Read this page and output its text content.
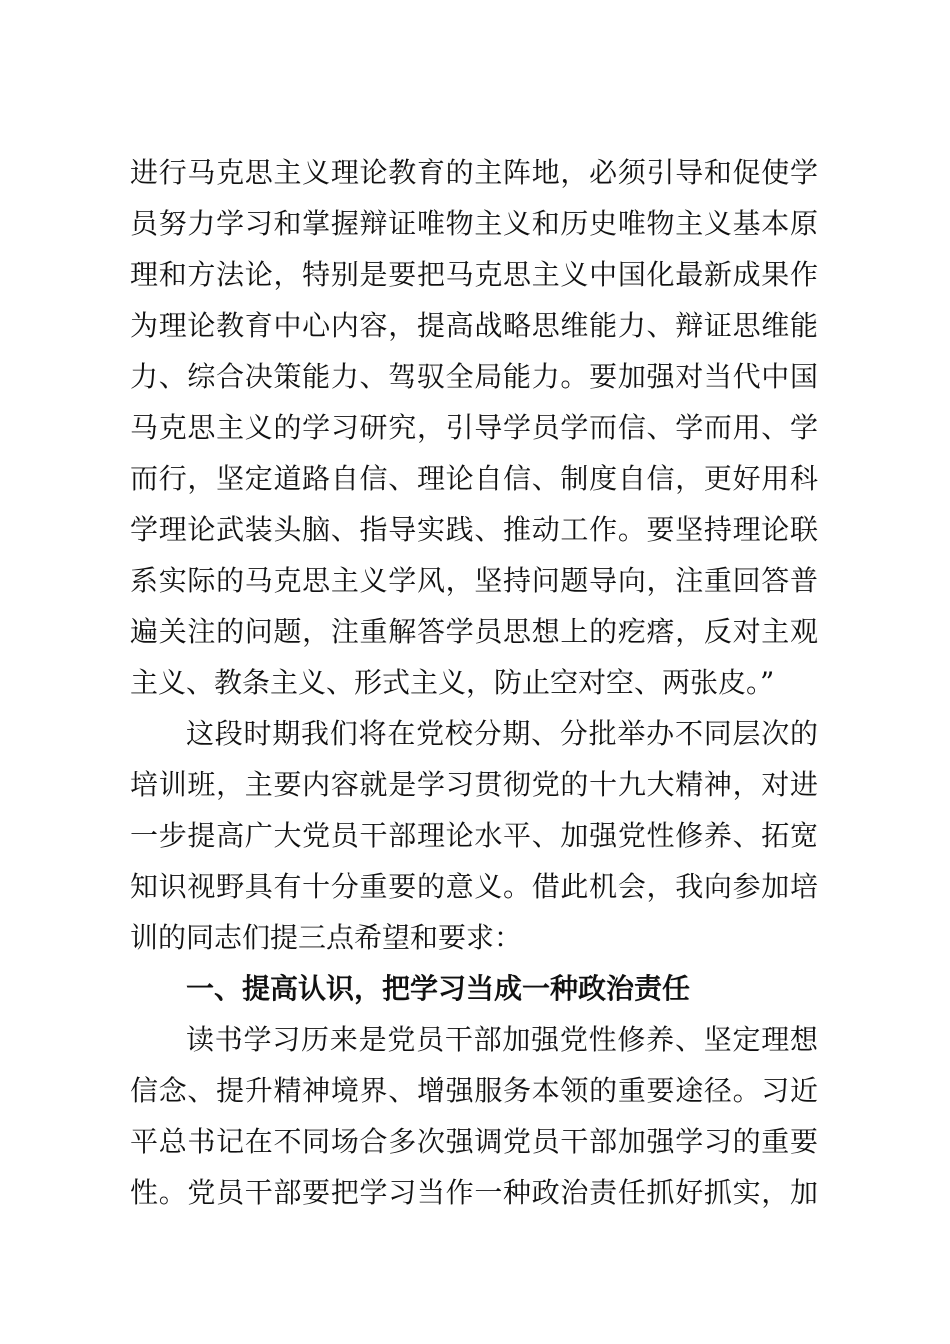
进行马克思主义理论教育的主阵地，必须引导和促使学
员努力学习和掌握辩证唯物主义和历史唯物主义基本原
理和方法论，特别是要把马克思主义中国化最新成果作
为理论教育中心内容，提高战略思维能力、辩证思维能
力、综合决策能力、驾驭全局能力。要加强对当代中国
马克思主义的学习研究，引导学员学而信、学而用、学
而行，坚定道路自信、理论自信、制度自信，更好用科
学理论武装头脑、指导实践、推动工作。要坚持理论联
系实际的马克思主义学风，坚持问题导向，注重回答普
遍关注的问题，注重解答学员思想上的疙瘩，反对主观
主义、教条主义、形式主义，防止空对空、两张皮。”
这段时期我们将在党校分期、分批举办不同层次的
培训班，主要内容就是学习贯彻党的十九大精神，对进
一步提高广大党员干部理论水平、加强党性修养、拓宽
知识视野具有十分重要的意义。借此机会，我向参加培
训的同志们提三点希望和要求：
一、提高认识，把学习当成一种政治责任
读书学习历来是党员干部加强党性修养、坚定理想
信念、提升精神境界、增强服务本领的重要途径。习近
平总书记在不同场合多次强调党员干部加强学习的重要
性。党员干部要把学习当作一种政治责任抓好抓实，加
